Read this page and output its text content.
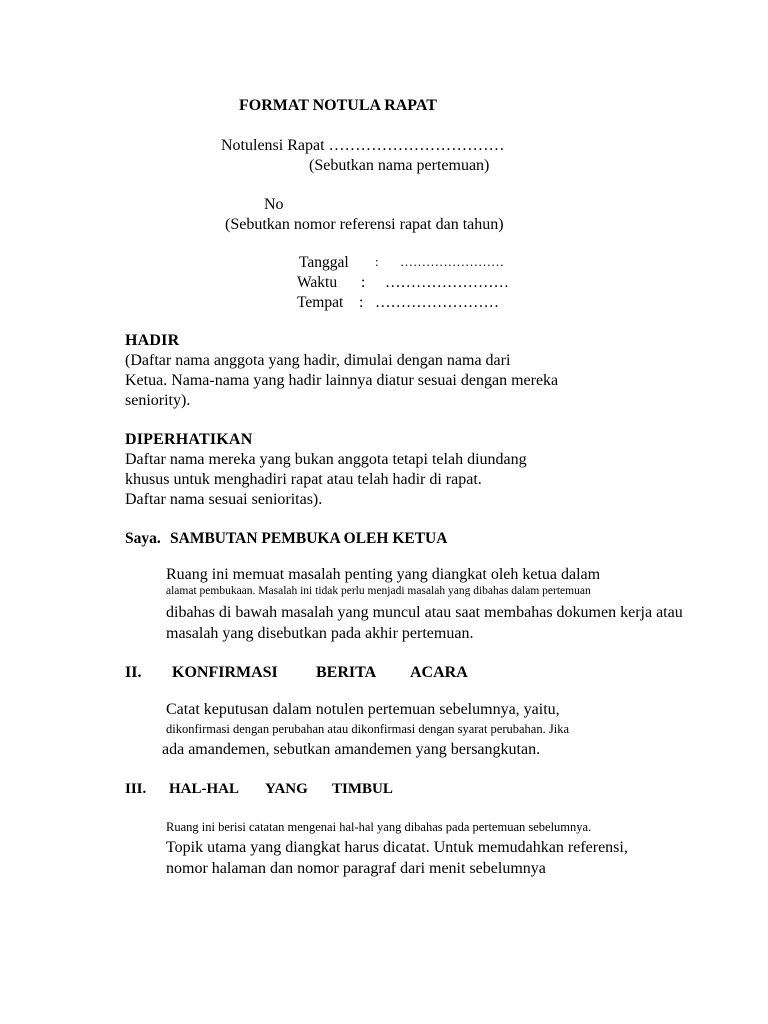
FORMAT NOTULA RAPAT
Notulensi Rapat ……………………………
(Sebutkan nama pertemuan)
No
(Sebutkan nomor referensi rapat dan tahun)
Tanggal : ……………………
Waktu : ……………………
Tempat : ……………………
HADIR
(Daftar nama anggota yang hadir, dimulai dengan nama dari
Ketua. Nama-nama yang hadir lainnya diatur sesuai dengan mereka
seniority).
DIPERHATIKAN
Daftar nama mereka yang bukan anggota tetapi telah diundang
khusus untuk menghadiri rapat atau telah hadir di rapat.
Daftar nama sesuai senioritas).
Saya. SAMBUTAN PEMBUKA OLEH KETUA
Ruang ini memuat masalah penting yang diangkat oleh ketua dalam
alamat pembukaan. Masalah ini tidak perlu menjadi masalah yang dibahas dalam pertemuan
dibahas di bawah masalah yang muncul atau saat membahas dokumen kerja atau
masalah yang disebutkan pada akhir pertemuan.
II. KONFIRMASI BERITA ACARA
Catat keputusan dalam notulen pertemuan sebelumnya, yaitu,
dikonfirmasi dengan perubahan atau dikonfirmasi dengan syarat perubahan. Jika
ada amandemen, sebutkan amandemen yang bersangkutan.
III. HAL-HAL YANG TIMBUL
Ruang ini berisi catatan mengenai hal-hal yang dibahas pada pertemuan sebelumnya.
Topik utama yang diangkat harus dicatat. Untuk memudahkan referensi,
nomor halaman dan nomor paragraf dari menit sebelumnya
